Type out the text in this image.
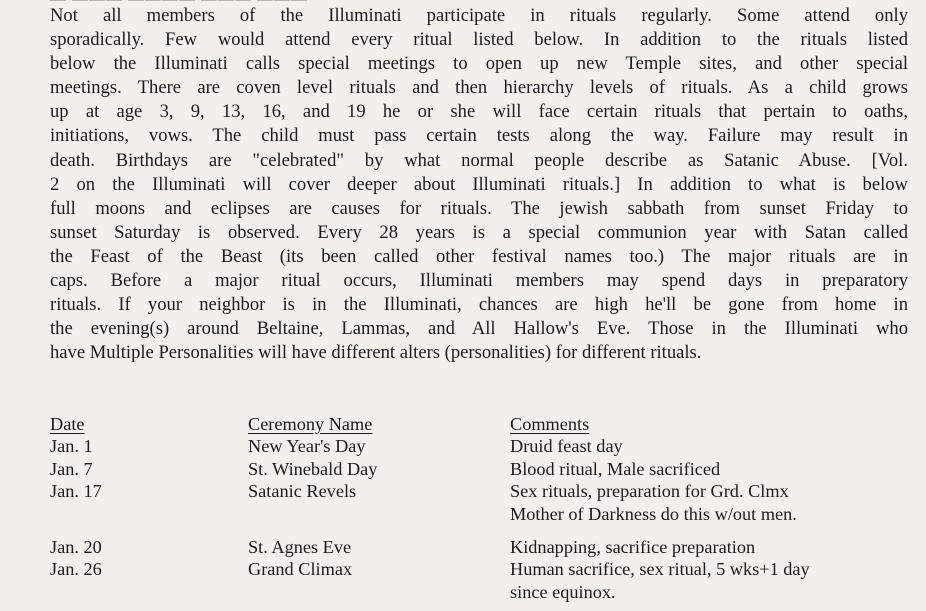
Not all members of the Illuminati participate in rituals regularly. Some attend only
sporadically. Few would attend every ritual listed below. In addition to the rituals listed
below the Illuminati calls special meetings to open up new Temple sites, and other special
meetings. There are coven level rituals and then hierarchy levels of rituals. As a child grows
up at age 3, 9, 13, 16, and 19 he or she will face certain rituals that pertain to oaths,
initiations, vows. The child must pass certain tests along the way. Failure may result in
death. Birthdays are "celebrated" by what normal people describe as Satanic Abuse. [Vol.
2 on the Illuminati will cover deeper about Illuminati rituals.] In addition to what is below
full moons and eclipses are causes for rituals. The jewish sabbath from sunset Friday to
sunset Saturday is observed. Every 28 years is a special communion year with Satan called
the Feast of the Beast (its been called other festival names too.) The major rituals are in
caps. Before a major ritual occurs, Illuminati members may spend days in preparatory
rituals. If your neighbor is in the Illuminati, chances are high he'll be gone from home in
the evening(s) around Beltaine, Lammas, and All Hallow's Eve. Those in the Illuminati who
have Multiple Personalities will have different alters (personalities) for different rituals.
Date	Ceremony Name	Comments
Jan. 1	New Year's Day	Druid feast day
Jan. 7	St. Winebald Day	Blood ritual, Male sacrificed
Jan. 17	Satanic Revels	Sex rituals, preparation for Grd. Clmx
Mother of Darkness do this w/out men.
Jan. 20	St. Agnes Eve	Kidnapping, sacrifice preparation
Jan. 26	Grand Climax	Human sacrifice, sex ritual, 5 wks+1 day
since equinox.
